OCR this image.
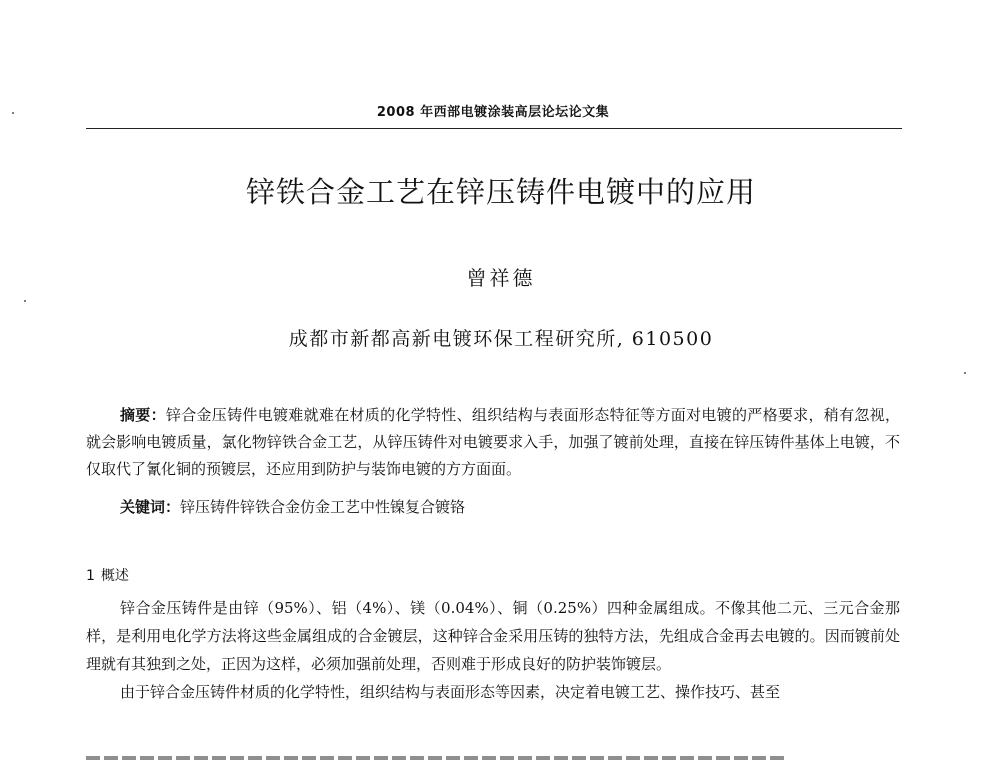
2008 年西部电镀涂装高层论坛论文集
锌铁合金工艺在锌压铸件电镀中的应用
曾祥德
成都市新都高新电镀环保工程研究所, 610500

摘要：锌合金压铸件电镀难就难在材质的化学特性、组织结构与表面形态特征等方面对电镀的严格要求，稍有忽视，就会影响电镀质量，氯化物锌铁合金工艺，从锌压铸件对电镀要求入手，加强了镀前处理，直接在锌压铸件基体上电镀，不仅取代了氰化铜的预镀层，还应用到防护与装饰电镀的方方面面。

关键词：锌压铸件锌铁合金仿金工艺中性镍复合镀铬

1 概述

锌合金压铸件是由锌（95%）、铝（4%）、镁（0.04%）、铜（0.25%）四种金属组成。不像其他二元、三元合金那样，是利用电化学方法将这些金属组成的合金镀层，这种锌合金采用压铸的独特方法，先组成合金再去电镀的。因而镀前处理就有其独到之处，正因为这样，必须加强前处理，否则难于形成良好的防护装饰镀层。
由于锌合金压铸件材质的化学特性，组织结构与表面形态等因素，决定着电镀工艺、操作技巧、甚至
